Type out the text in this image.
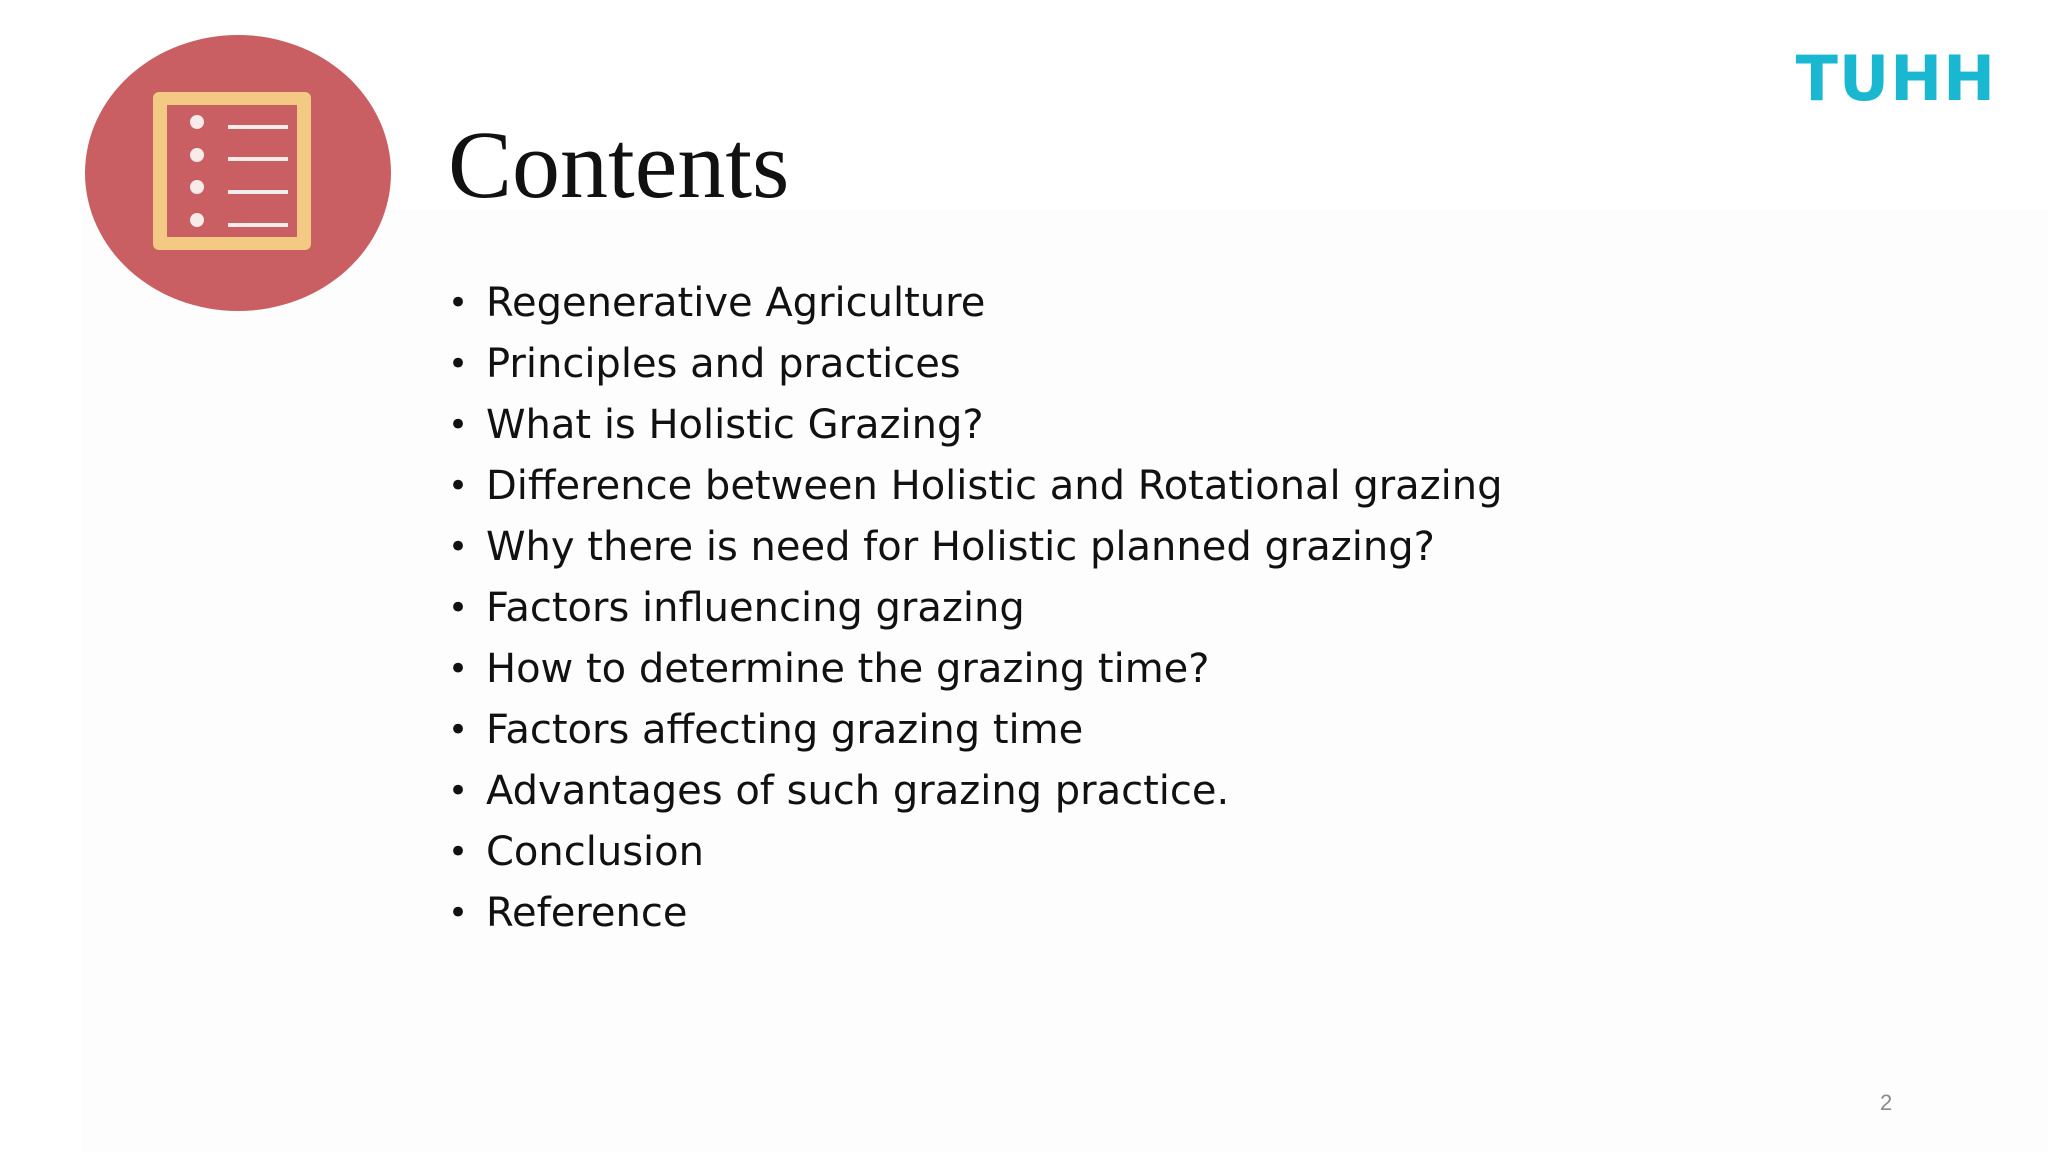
TUHH
Contents
• Regenerative Agriculture
• Principles and practices
• What is Holistic Grazing?
• Difference between Holistic and Rotational grazing
• Why there is need for Holistic planned grazing?
• Factors influencing grazing
• How to determine the grazing time?
• Factors affecting grazing time
• Advantages of such grazing practice.
• Conclusion
• Reference
2
